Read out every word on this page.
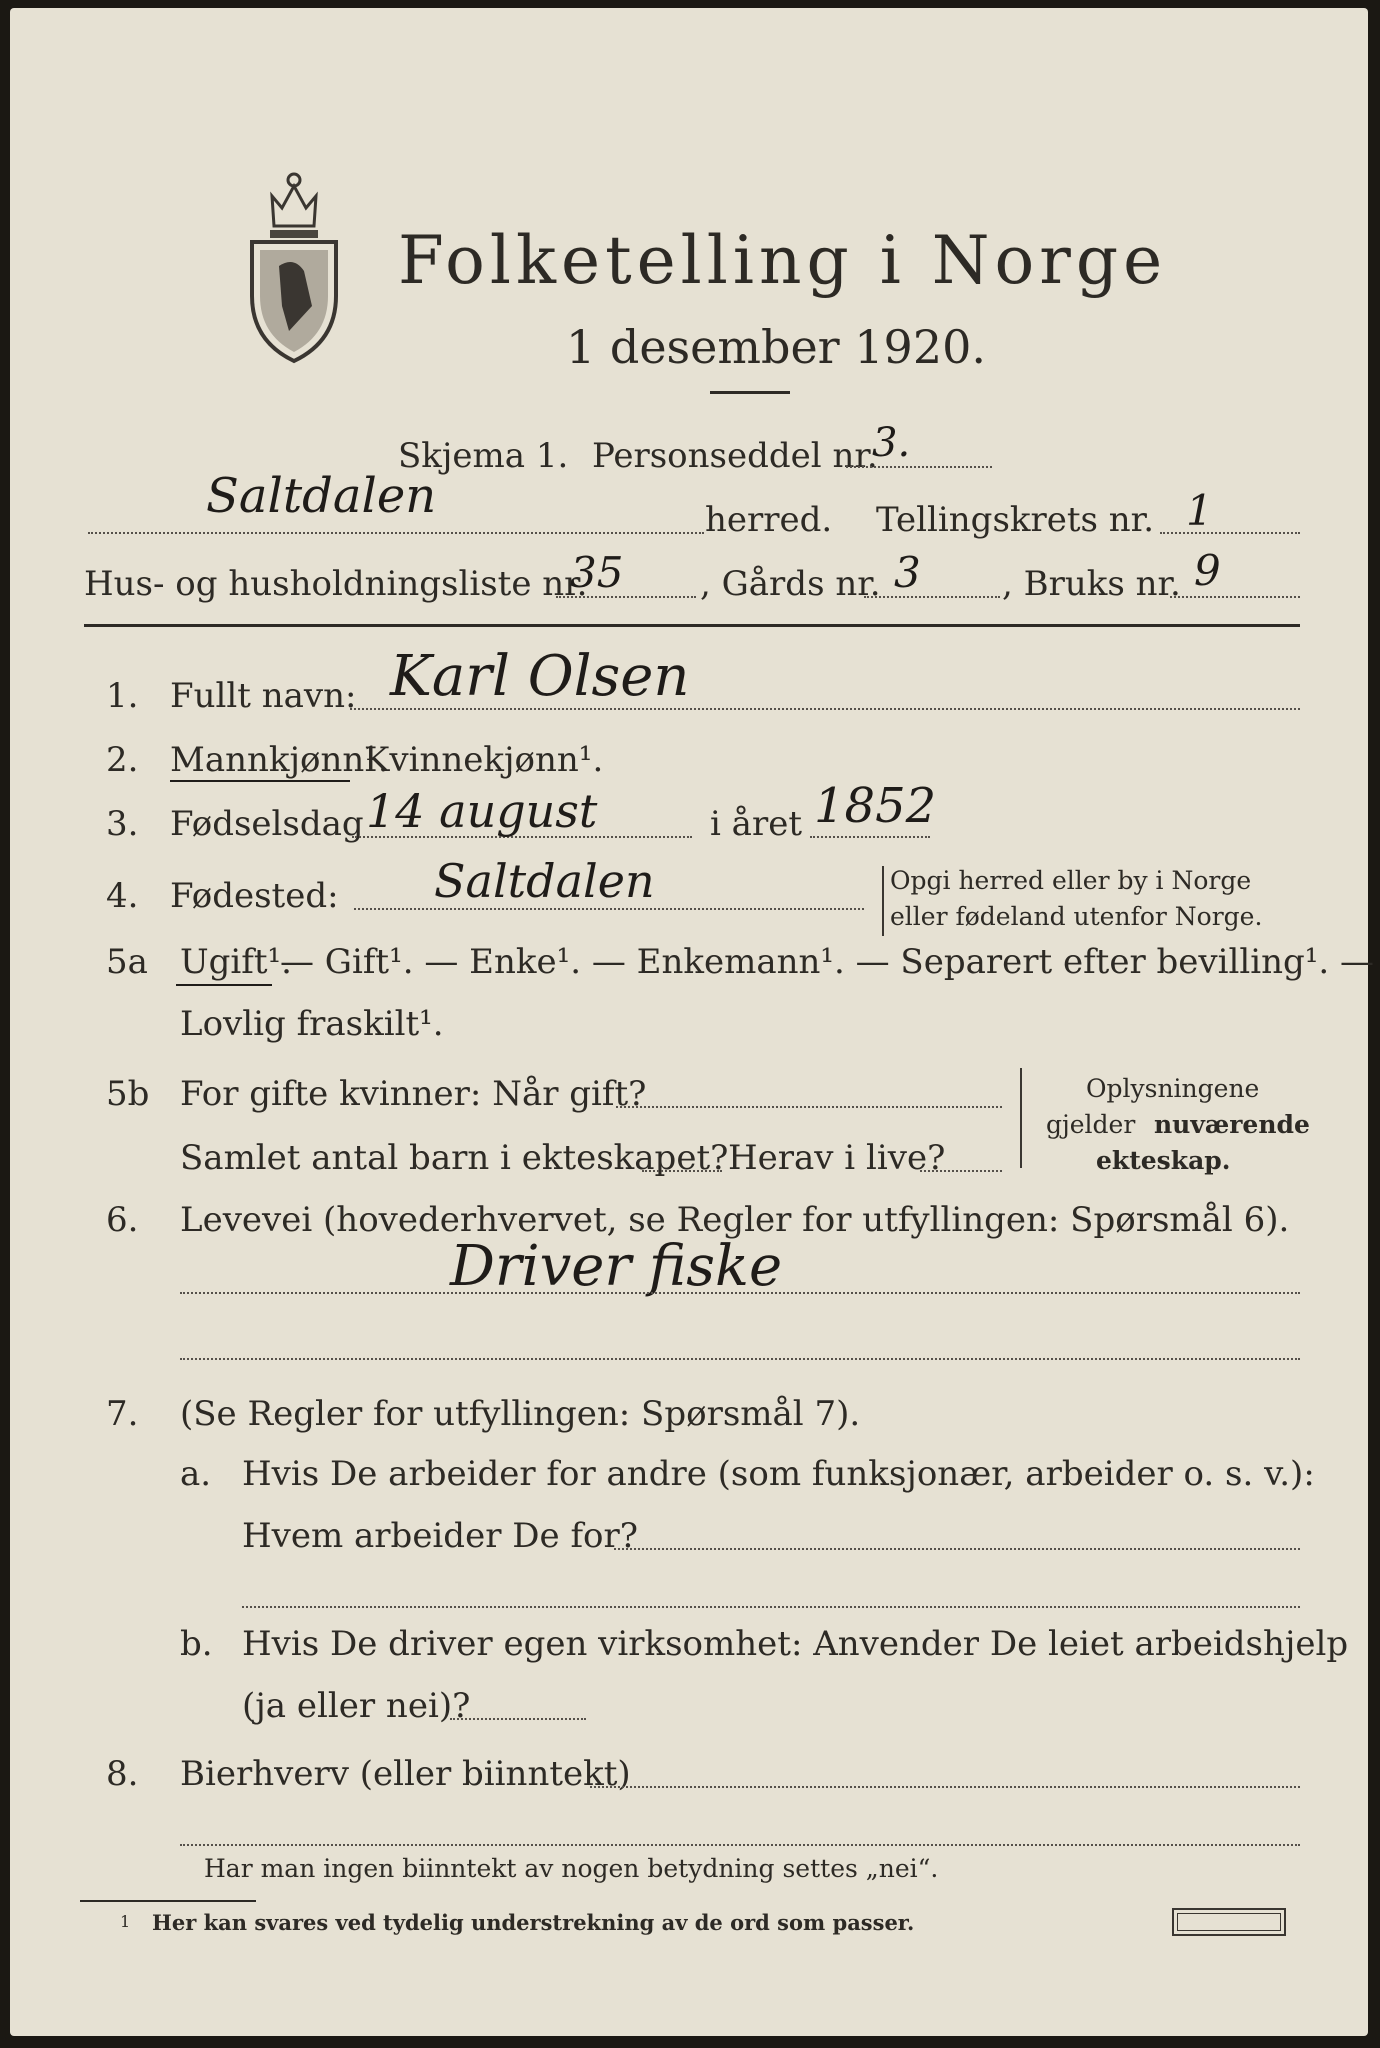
Folketelling i Norge
1 desember 1920.
Skjema 1. Personseddel nr.
3.
Saltdalen	herred. Tellingskrets nr. 1
Hus- og husholdningsliste nr.
35 , Gårds nr. 3 , Bruks nr. 9
1. Fullt navn: Karl Olsen
2. Mannkjønn¹.
Kvinnekjønn¹.
3. Fødselsdag 14 august	i året 1852
4. Fødested: Saltdalen	Opgi herred eller by i Norge
eller fødeland utenfor Norge.
5a Ugift¹.
— Gift¹. — Enke¹. — Enkemann¹. — Separert efter bevilling¹. —
Lovlig fraskilt¹.
5b For gifte kvinner: Når gift?
Samlet antal barn i ekteskapet? Herav i live?
Oplysningene
gjelder nuværende
ekteskap.
6. Levevei (hovederhvervet, se Regler for utfyllingen: Spørsmål 6).
Driver fiske
7. (Se Regler for utfyllingen: Spørsmål 7).
a. Hvis De arbeider for andre (som funksjonær, arbeider o. s. v.):
Hvem arbeider De for?
b. Hvis De driver egen virksomhet: Anvender De leiet arbeidshjelp
(ja eller nei)?
8. Bierhverv (eller biinntekt)
Har man ingen biinntekt av nogen betydning settes „nei“.
1 Her kan svares ved tydelig understrekning av de ord som passer.
